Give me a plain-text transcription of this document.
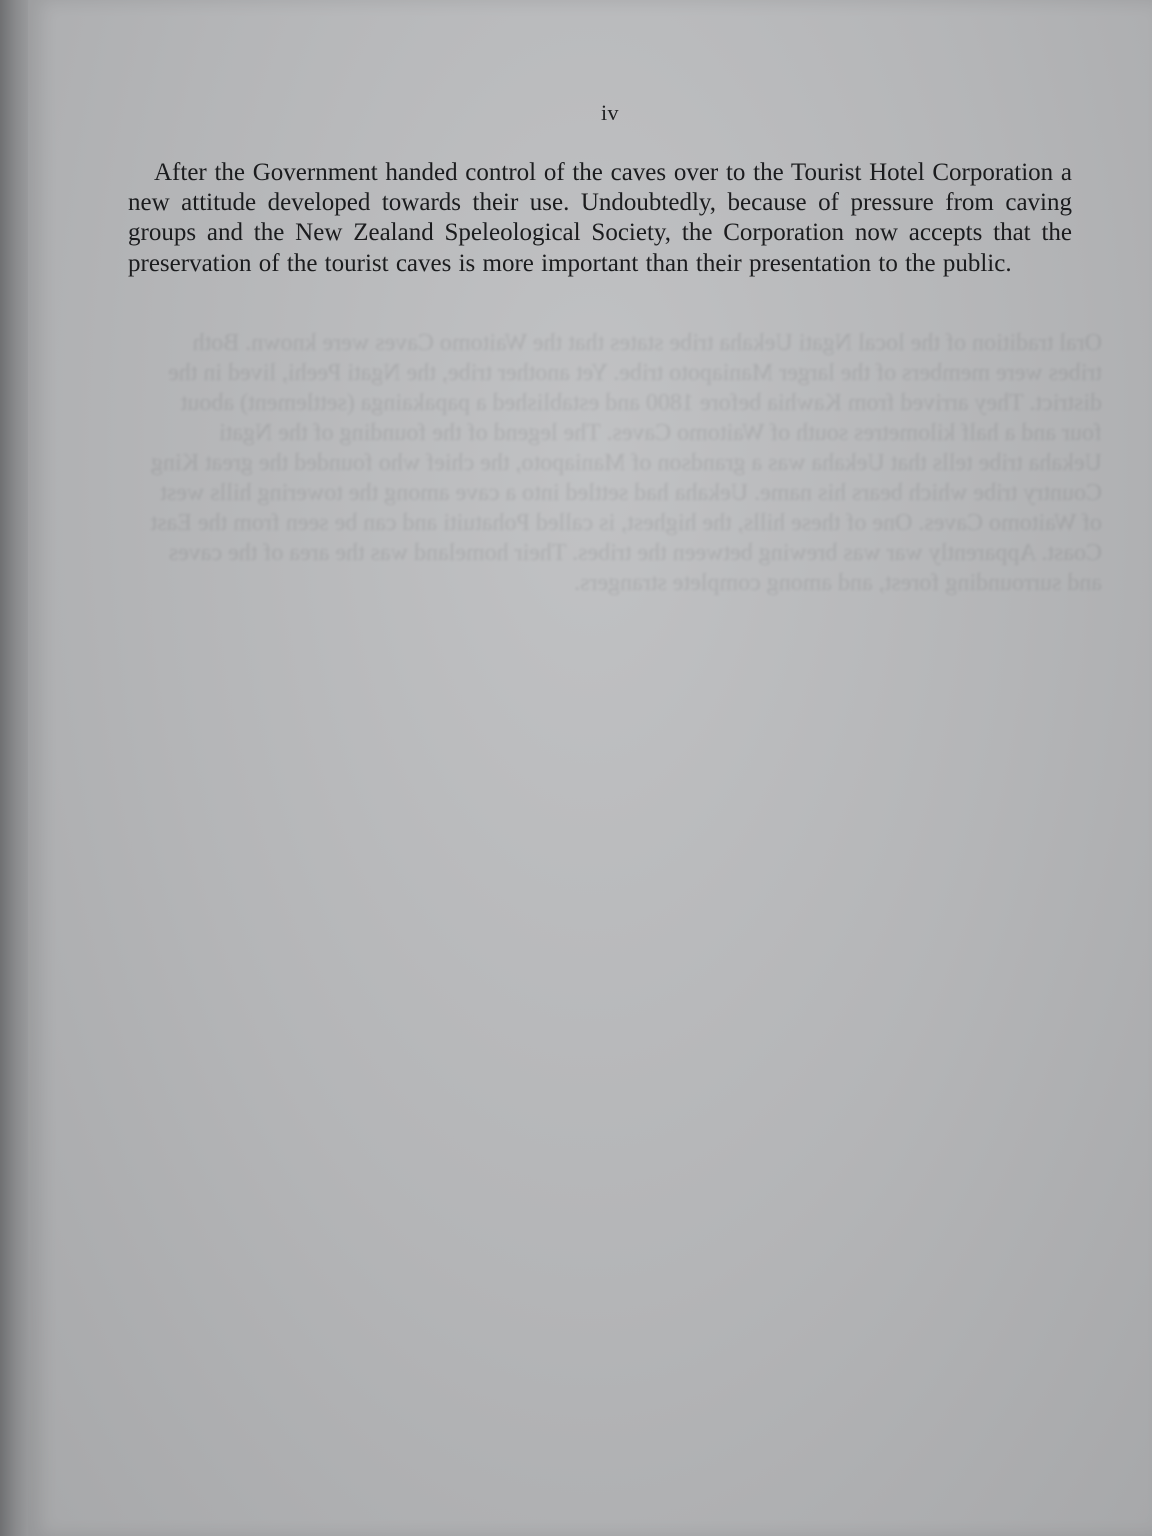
Oral tradition of the local Ngati Uekaha tribe states that the Waitomo Caves were known. Both tribes were members of the larger Maniapoto tribe. Yet another tribe, the Ngati Peehi, lived in the district. They arrived from Kawhia before 1800 and established a papakainga (settlement) about four and a half kilometres south of Waitomo Caves. The legend of the founding of the Ngati Uekaha tribe tells that Uekaha was a grandson of Maniapoto, the chief who founded the great King Country tribe which bears his name. Uekaha had settled into a cave among the towering hills west of Waitomo Caves. One of these hills, the highest, is called Pohatuiti and can be seen from the East Coast. Apparently war was brewing between the tribes. Their homeland was the area of the caves and surrounding forest, and among complete strangers.
iv

After the Government handed control of the caves over to the Tourist Hotel Corporation a new attitude developed towards their use. Undoubtedly, because of pressure from caving groups and the New Zealand Speleological Society, the Corporation now accepts that the preservation of the tourist caves is more important than their presentation to the public.
